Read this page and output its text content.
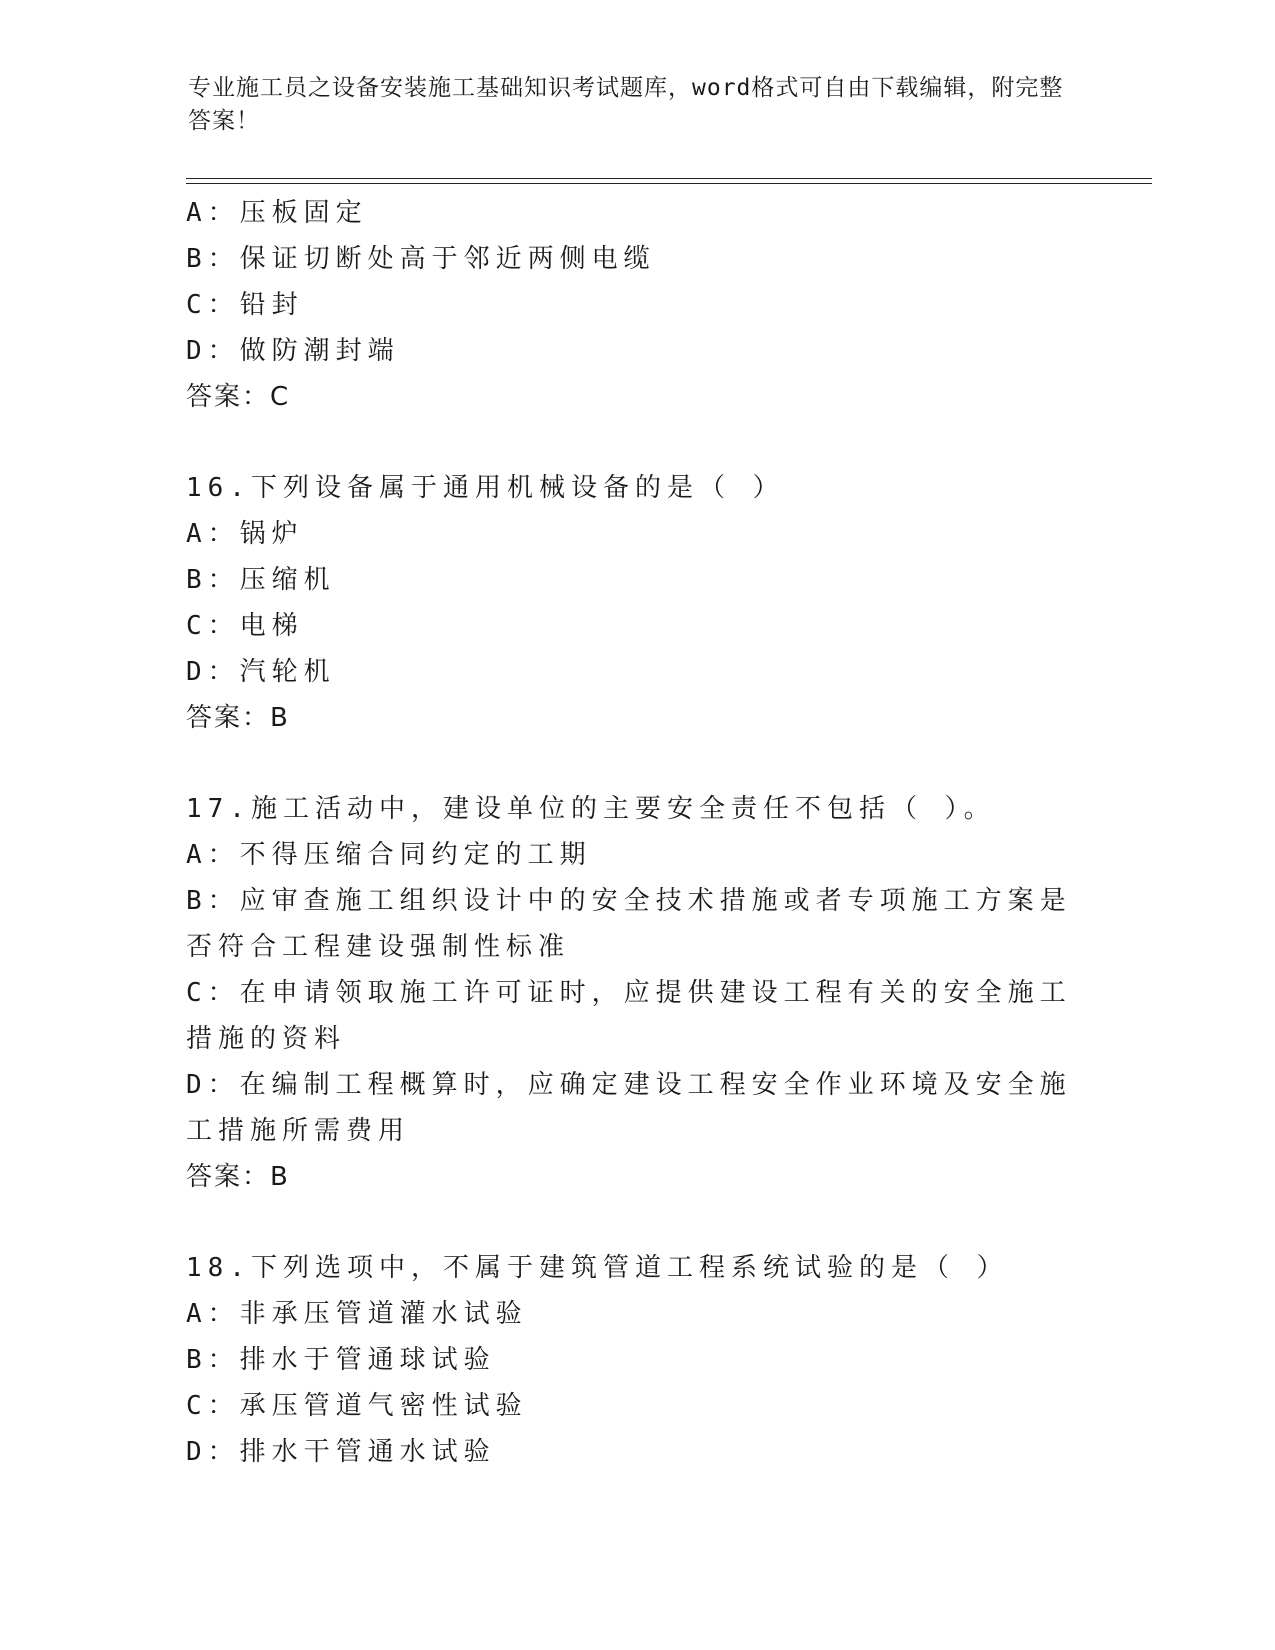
专业施工员之设备安装施工基础知识考试题库，word格式可自由下载编辑，附完整答案！
A：压板固定
B：保证切断处高于邻近两侧电缆
C：铅封
D：做防潮封端
答案：C
16.下列设备属于通用机械设备的是（ ）
A：锅炉
B：压缩机
C：电梯
D：汽轮机
答案：B
17.施工活动中，建设单位的主要安全责任不包括（ ）。
A：不得压缩合同约定的工期
B：应审查施工组织设计中的安全技术措施或者专项施工方案是否符合工程建设强制性标准
C：在申请领取施工许可证时，应提供建设工程有关的安全施工措施的资料
D：在编制工程概算时，应确定建设工程安全作业环境及安全施工措施所需费用
答案：B
18.下列选项中，不属于建筑管道工程系统试验的是（ ）
A：非承压管道灌水试验
B：排水于管通球试验
C：承压管道气密性试验
D：排水干管通水试验
